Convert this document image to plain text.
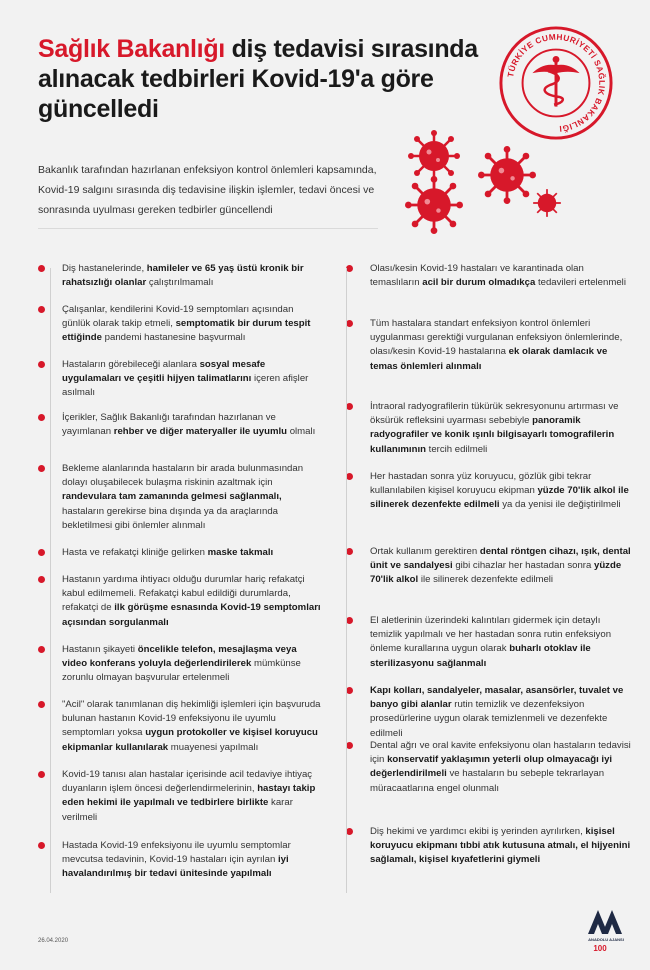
Sağlık Bakanlığı diş tedavisi sırasında alınacak tedbirleri Kovid-19'a göre güncelledi
TÜRKİYE CUMHURİYETİ SAĞLIK BAKANLIĞI
Bakanlık tarafından hazırlanan enfeksiyon kontrol önlemleri kapsamında, Kovid-19 salgını sırasında diş tedavisine ilişkin işlemler, tedavi öncesi ve sonrasında uyulması gereken tedbirler güncellendi
Diş hastanelerinde, hamileler ve 65 yaş üstü kronik bir rahatsızlığı olanlar çalıştırılmamalı
Çalışanlar, kendilerini Kovid-19 semptomları açısından günlük olarak takip etmeli, semptomatik bir durum tespit ettiğinde pandemi hastanesine başvurmalı
Hastaların görebileceği alanlara sosyal mesafe uygulamaları ve çeşitli hijyen talimatlarını içeren afişler asılmalı
İçerikler, Sağlık Bakanlığı tarafından hazırlanan ve yayımlanan rehber ve diğer materyaller ile uyumlu olmalı
Bekleme alanlarında hastaların bir arada bulunmasından dolayı oluşabilecek bulaşma riskinin azaltmak için randevulara tam zamanında gelmesi sağlanmalı, hastaların gerekirse bina dışında ya da araçlarında bekletilmesi gibi önlemler alınmalı
Hasta ve refakatçi kliniğe gelirken maske takmalı
Hastanın yardıma ihtiyacı olduğu durumlar hariç refakatçi kabul edilmemeli. Refakatçi kabul edildiği durumlarda, refakatçi de ilk görüşme esnasında Kovid-19 semptomları açısından sorgulanmalı
Hastanın şikayeti öncelikle telefon, mesajlaşma veya video konferans yoluyla değerlendirilerek mümkünse zorunlu olmayan başvurular ertelenmeli
"Acil" olarak tanımlanan diş hekimliği işlemleri için başvuruda bulunan hastanın Kovid-19 enfeksiyonu ile uyumlu semptomları yoksa uygun protokoller ve kişisel koruyucu ekipmanlar kullanılarak muayenesi yapılmalı
Kovid-19 tanısı alan hastalar içerisinde acil tedaviye ihtiyaç duyanların işlem öncesi değerlendirmelerinin, hastayı takip eden hekimi ile yapılmalı ve tedbirlere birlikte karar verilmeli
Hastada Kovid-19 enfeksiyonu ile uyumlu semptomlar mevcutsa tedavinin, Kovid-19 hastaları için ayrılan iyi havalandırılmış bir tedavi ünitesinde yapılmalı
Olası/kesin Kovid-19 hastaları ve karantinada olan temaslıların acil bir durum olmadıkça tedavileri ertelenmeli
Tüm hastalara standart enfeksiyon kontrol önlemleri uygulanması gerektiği vurgulanan enfeksiyon önlemlerinde, olası/kesin Kovid-19 hastalarına ek olarak damlacık ve temas önlemleri alınmalı
İntraoral radyografilerin tükürük sekresyonunu artırması ve öksürük refleksini uyarması sebebiyle panoramik radyografiler ve konik ışınlı bilgisayarlı tomografilerin kullanımının tercih edilmeli
Her hastadan sonra yüz koruyucu, gözlük gibi tekrar kullanılabilen kişisel koruyucu ekipman yüzde 70'lik alkol ile silinerek dezenfekte edilmeli ya da yenisi ile değiştirilmeli
Ortak kullanım gerektiren dental röntgen cihazı, ışık, dental ünit ve sandalyesi gibi cihazlar her hastadan sonra yüzde 70'lik alkol ile silinerek dezenfekte edilmeli
El aletlerinin üzerindeki kalıntıları gidermek için detaylı temizlik yapılmalı ve her hastadan sonra rutin enfeksiyon önleme kurallarına uygun olarak buharlı otoklav ile sterilizasyonu sağlanmalı
Kapı kolları, sandalyeler, masalar, asansörler, tuvalet ve banyo gibi alanlar rutin temizlik ve dezenfeksiyon prosedürlerine uygun olarak temizlenmeli ve dezenfekte edilmeli
Dental ağrı ve oral kavite enfeksiyonu olan hastaların tedavisi için konservatif yaklaşımın yeterli olup olmayacağı iyi değerlendirilmeli ve hastaların bu sebeple tekrarlayan müracaatlarına engel olunmalı
Diş hekimi ve yardımcı ekibi iş yerinden ayrılırken, kişisel koruyucu ekipmanı tıbbi atık kutusuna atmalı, el hijyenini sağlamalı, kişisel kıyafetlerini giymeli
26.04.2020	ANADOLU AJANSI
100
